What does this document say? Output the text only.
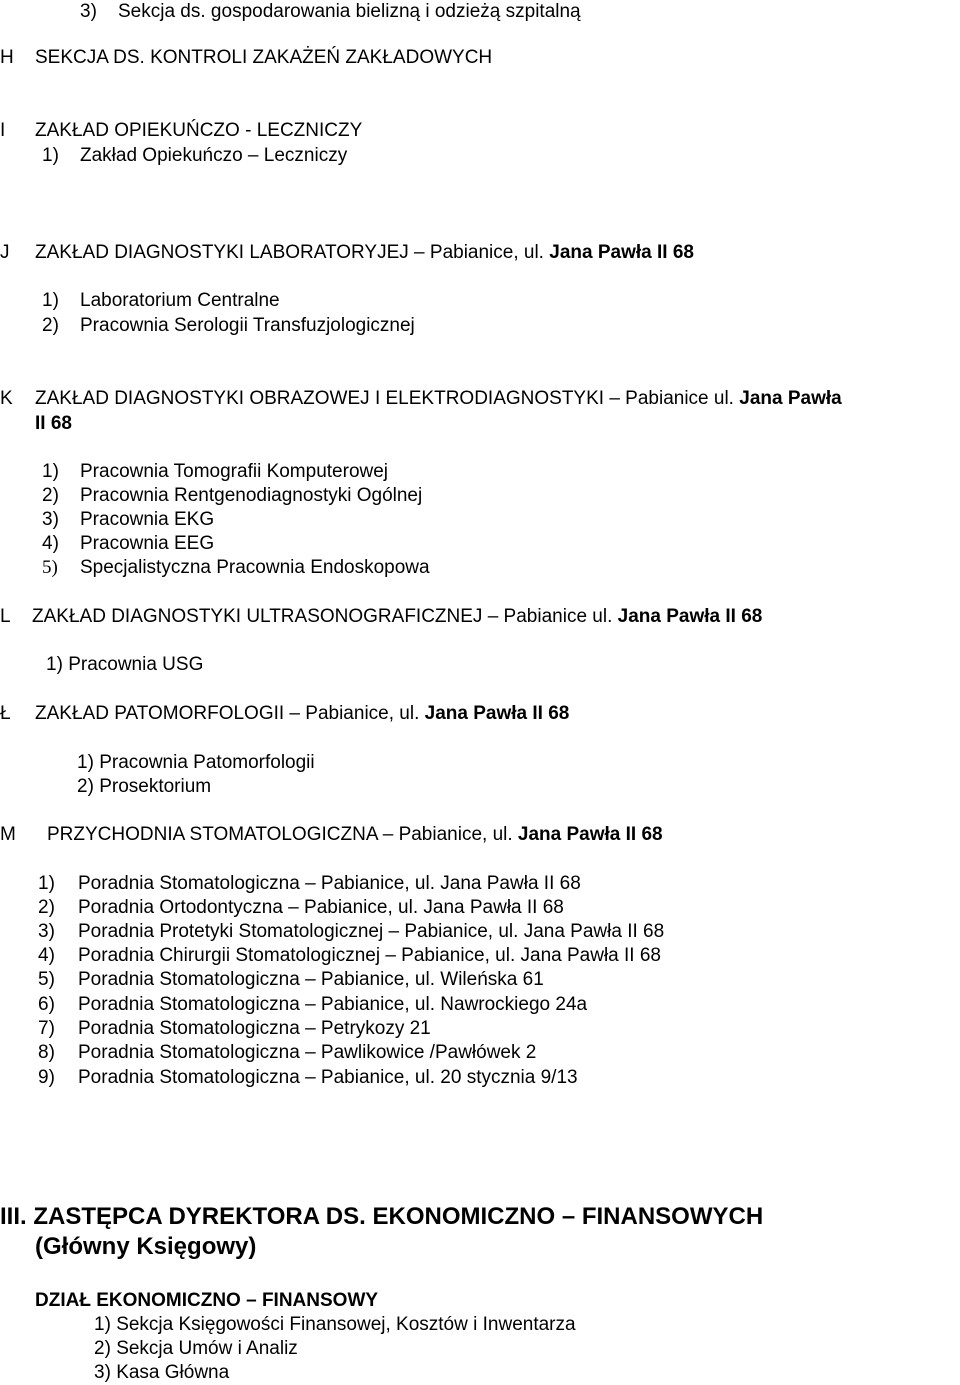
3) Sekcja ds. gospodarowania bielizną i odzieżą szpitalną
H SEKCJA DS. KONTROLI ZAKAŻEŃ ZAKŁADOWYCH
I ZAKŁAD OPIEKUŃCZO - LECZNICZY
1) Zakład Opiekuńczo – Leczniczy
J ZAKŁAD DIAGNOSTYKI LABORATORYJEJ – Pabianice, ul. Jana Pawła II 68
1) Laboratorium Centralne
2) Pracownia Serologii Transfuzjologicznej
K ZAKŁAD DIAGNOSTYKI OBRAZOWEJ I ELEKTRODIAGNOSTYKI – Pabianice ul. Jana Pawła
II 68
1) Pracownia Tomografii Komputerowej
2) Pracownia Rentgenodiagnostyki Ogólnej
3) Pracownia EKG
4) Pracownia EEG
5) Specjalistyczna Pracownia Endoskopowa
L ZAKŁAD DIAGNOSTYKI ULTRASONOGRAFICZNEJ – Pabianice ul. Jana Pawła II 68
1) Pracownia USG
Ł ZAKŁAD PATOMORFOLOGII – Pabianice, ul. Jana Pawła II 68
1) Pracownia Patomorfologii
2) Prosektorium
M PRZYCHODNIA STOMATOLOGICZNA – Pabianice, ul. Jana Pawła II 68
1) Poradnia Stomatologiczna – Pabianice, ul. Jana Pawła II 68
2) Poradnia Ortodontyczna – Pabianice, ul. Jana Pawła II 68
3) Poradnia Protetyki Stomatologicznej – Pabianice, ul. Jana Pawła II 68
4) Poradnia Chirurgii Stomatologicznej – Pabianice, ul. Jana Pawła II 68
5) Poradnia Stomatologiczna – Pabianice, ul. Wileńska 61
6) Poradnia Stomatologiczna – Pabianice, ul. Nawrockiego 24a
7) Poradnia Stomatologiczna – Petrykozy 21
8) Poradnia Stomatologiczna – Pawlikowice /Pawłówek 2
9) Poradnia Stomatologiczna – Pabianice, ul. 20 stycznia 9/13
III. ZASTĘPCA DYREKTORA DS. EKONOMICZNO – FINANSOWYCH
(Główny Księgowy)
DZIAŁ EKONOMICZNO – FINANSOWY
1) Sekcja Księgowości Finansowej, Kosztów i Inwentarza
2) Sekcja Umów i Analiz
3) Kasa Główna
